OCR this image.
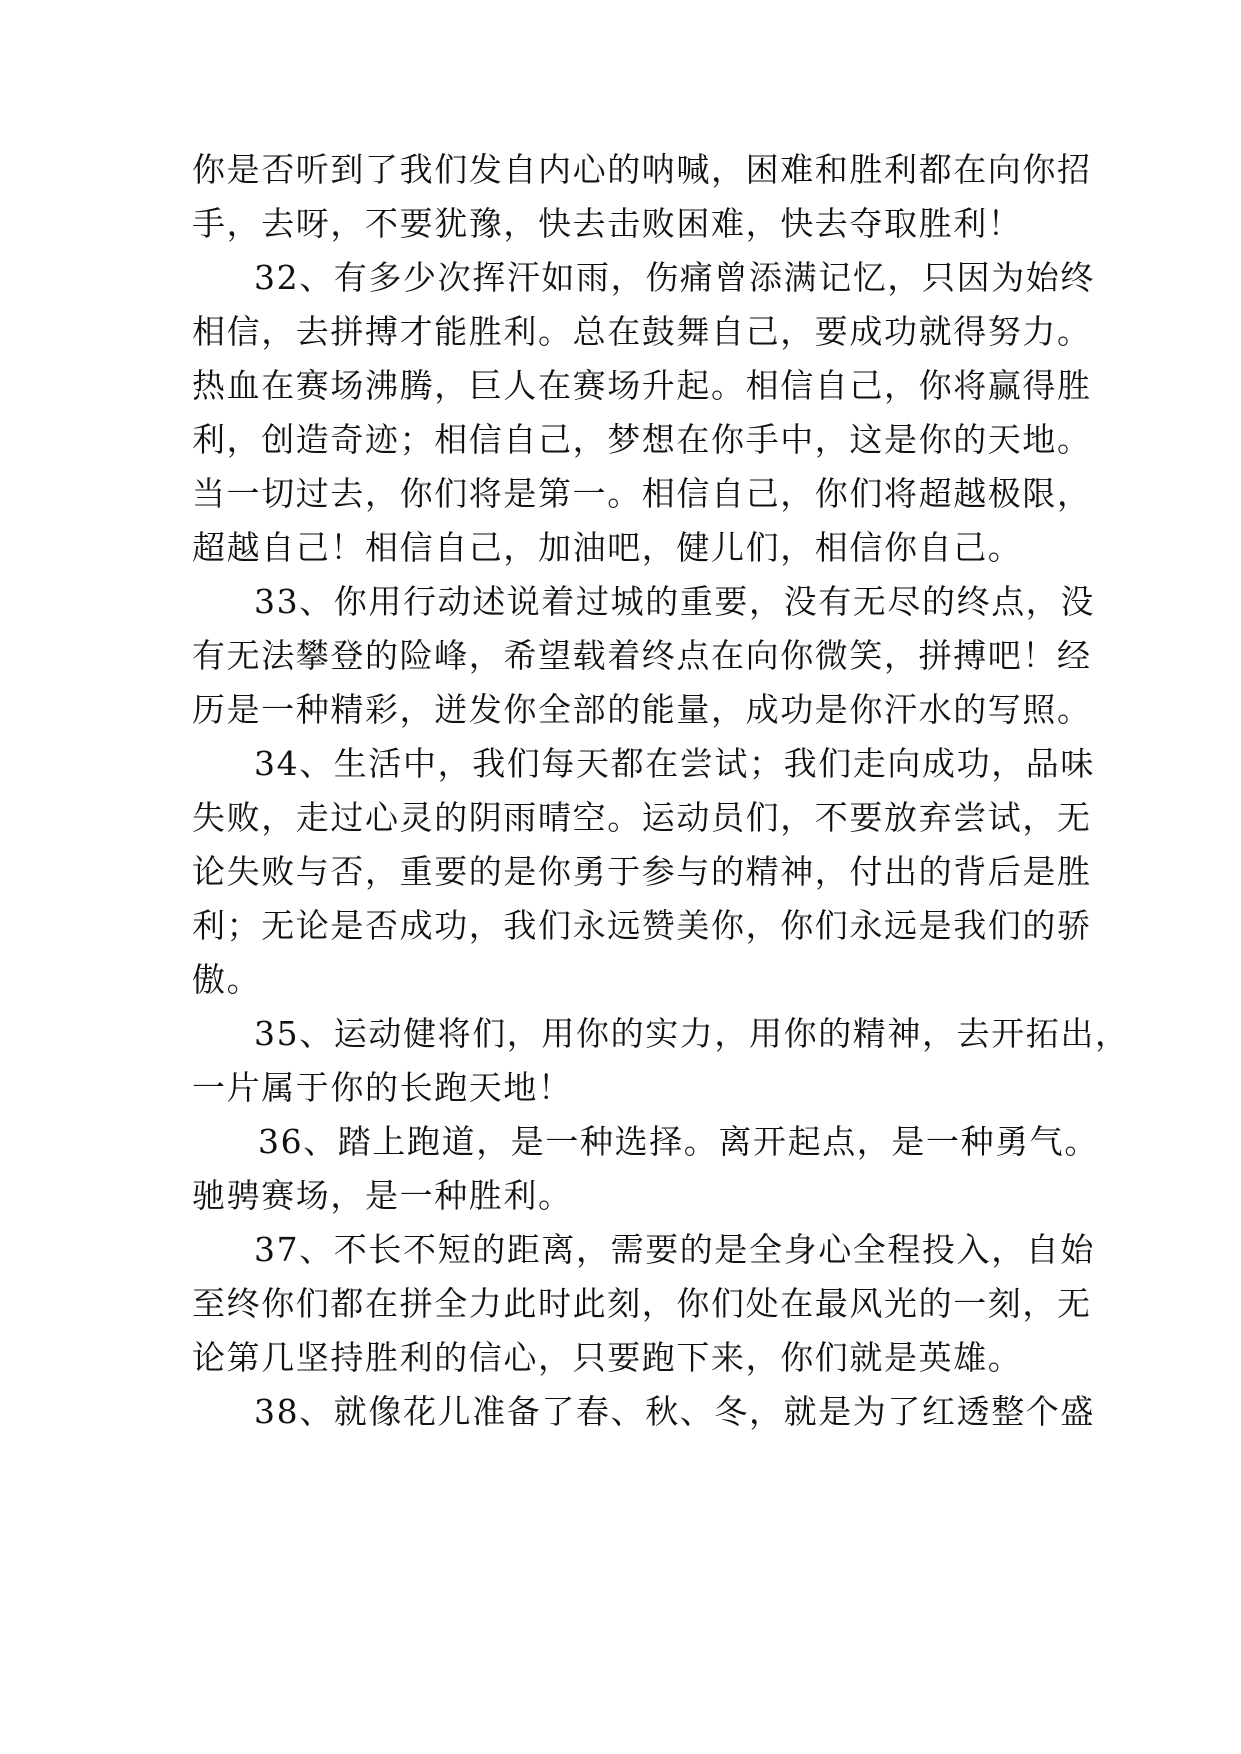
你是否听到了我们发自内心的呐喊，困难和胜利都在向你招
手，去呀，不要犹豫，快去击败困难，快去夺取胜利！
32、有多少次挥汗如雨，伤痛曾添满记忆，只因为始终
相信，去拼搏才能胜利。总在鼓舞自己，要成功就得努力。
热血在赛场沸腾，巨人在赛场升起。相信自己，你将赢得胜
利，创造奇迹；相信自己，梦想在你手中，这是你的天地。
当一切过去，你们将是第一。相信自己，你们将超越极限，
超越自己！相信自己，加油吧，健儿们，相信你自己。
33、你用行动述说着过城的重要，没有无尽的终点，没
有无法攀登的险峰，希望载着终点在向你微笑，拼搏吧！经
历是一种精彩，迸发你全部的能量，成功是你汗水的写照。
34、生活中，我们每天都在尝试；我们走向成功，品味
失败，走过心灵的阴雨晴空。运动员们，不要放弃尝试，无
论失败与否，重要的是你勇于参与的精神，付出的背后是胜
利；无论是否成功，我们永远赞美你，你们永远是我们的骄
傲。
35、运动健将们，用你的实力，用你的精神，去开拓出，
一片属于你的长跑天地！
36、踏上跑道，是一种选择。离开起点，是一种勇气。
驰骋赛场，是一种胜利。
37、不长不短的距离，需要的是全身心全程投入，自始
至终你们都在拼全力此时此刻，你们处在最风光的一刻，无
论第几坚持胜利的信心，只要跑下来，你们就是英雄。
38、就像花儿准备了春、秋、冬，就是为了红透整个盛
